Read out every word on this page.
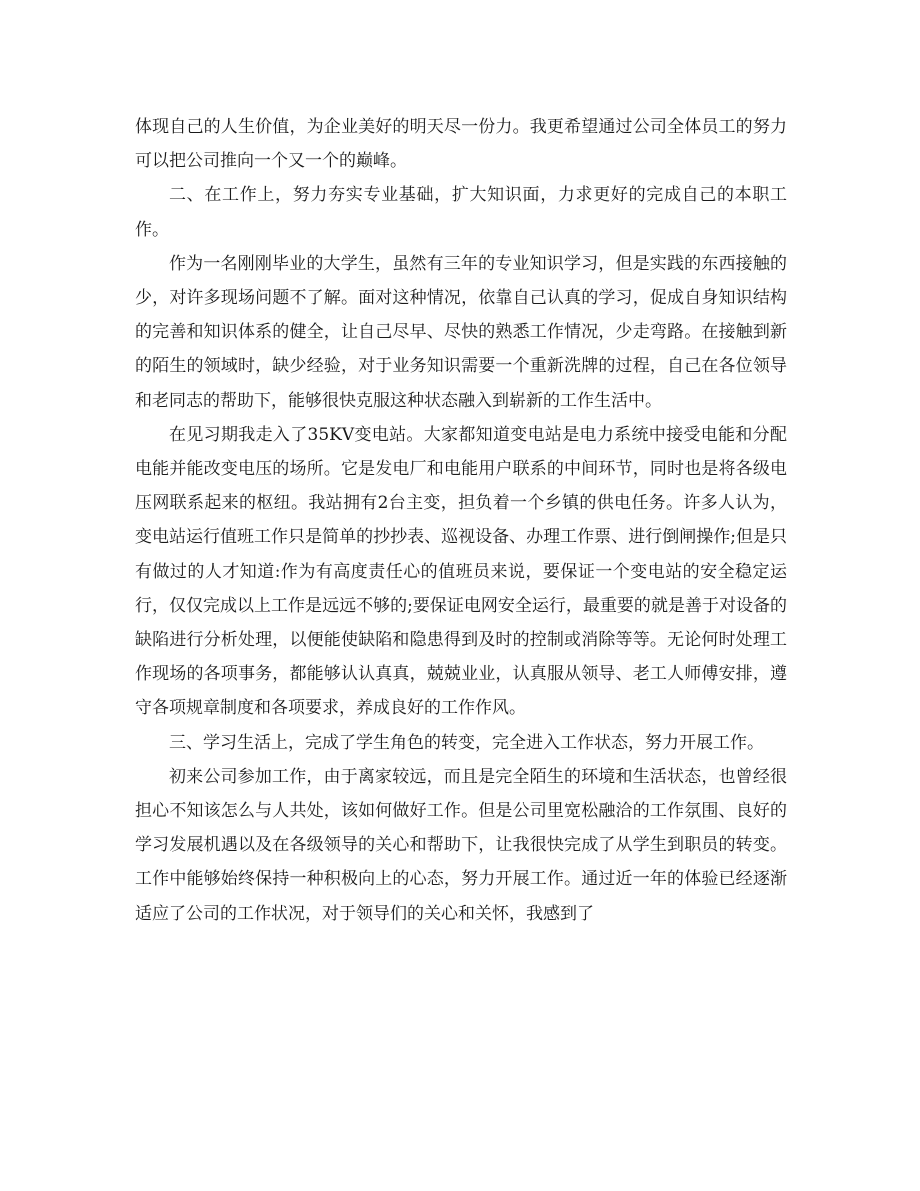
体现自己的人生价值，为企业美好的明天尽一份力。我更希望通过公司全体员工的努力可以把公司推向一个又一个的巅峰。

二、在工作上，努力夯实专业基础，扩大知识面，力求更好的完成自己的本职工作。

作为一名刚刚毕业的大学生，虽然有三年的专业知识学习，但是实践的东西接触的少，对许多现场问题不了解。面对这种情况，依靠自己认真的学习，促成自身知识结构的完善和知识体系的健全，让自己尽早、尽快的熟悉工作情况，少走弯路。在接触到新的陌生的领域时，缺少经验，对于业务知识需要一个重新洗牌的过程，自己在各位领导和老同志的帮助下，能够很快克服这种状态融入到崭新的工作生活中。

在见习期我走入了35KV变电站。大家都知道变电站是电力系统中接受电能和分配电能并能改变电压的场所。它是发电厂和电能用户联系的中间环节，同时也是将各级电压网联系起来的枢纽。我站拥有2台主变，担负着一个乡镇的供电任务。许多人认为，变电站运行值班工作只是简单的抄抄表、巡视设备、办理工作票、进行倒闸操作;但是只有做过的人才知道:作为有高度责任心的值班员来说，要保证一个变电站的安全稳定运行，仅仅完成以上工作是远远不够的;要保证电网安全运行，最重要的就是善于对设备的缺陷进行分析处理，以便能使缺陷和隐患得到及时的控制或消除等等。无论何时处理工作现场的各项事务，都能够认认真真，兢兢业业，认真服从领导、老工人师傅安排，遵守各项规章制度和各项要求，养成良好的工作作风。

三、学习生活上，完成了学生角色的转变，完全进入工作状态，努力开展工作。

初来公司参加工作，由于离家较远，而且是完全陌生的环境和生活状态，也曾经很担心不知该怎么与人共处，该如何做好工作。但是公司里宽松融洽的工作氛围、良好的学习发展机遇以及在各级领导的关心和帮助下，让我很快完成了从学生到职员的转变。工作中能够始终保持一种积极向上的心态，努力开展工作。通过近一年的体验已经逐渐适应了公司的工作状况，对于领导们的关心和关怀，我感到了
